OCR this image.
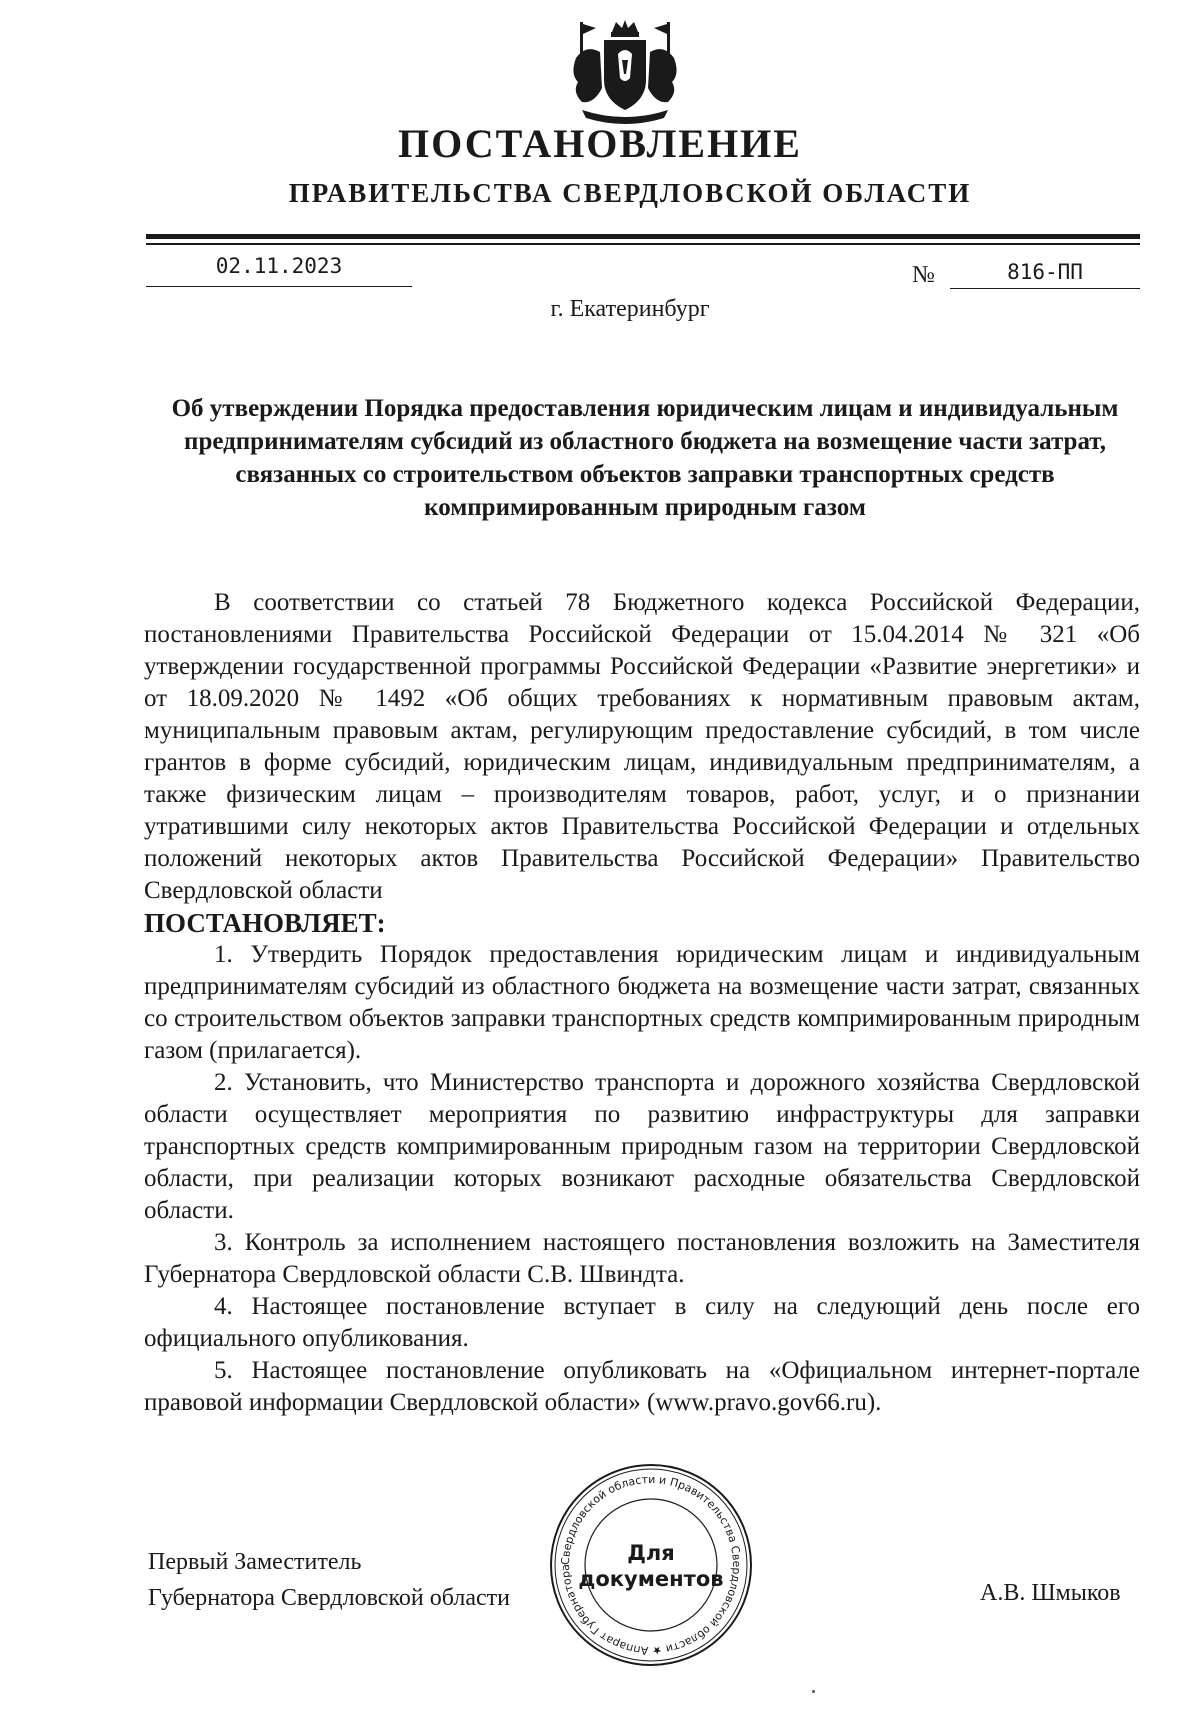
ПОСТАНОВЛЕНИЕ
ПРАВИТЕЛЬСТВА СВЕРДЛОВСКОЙ ОБЛАСТИ
02.11.2023	№	816-ПП
г. Екатеринбург
Об утверждении Порядка предоставления юридическим лицам и индивидуальным предпринимателям субсидий из областного бюджета на возмещение части затрат, связанных со строительством объектов заправки транспортных средств компримированным природным газом

В соответствии со статьей 78 Бюджетного кодекса Российской Федерации, постановлениями Правительства Российской Федерации от 15.04.2014 № 321 «Об утверждении государственной программы Российской Федерации «Развитие энергетики» и от 18.09.2020 № 1492 «Об общих требованиях к нормативным правовым актам, муниципальным правовым актам, регулирующим предоставление субсидий, в том числе грантов в форме субсидий, юридическим лицам, индивидуальным предпринимателям, а также физическим лицам – производителям товаров, работ, услуг, и о признании утратившими силу некоторых актов Правительства Российской Федерации и отдельных положений некоторых актов Правительства Российской Федерации» Правительство Свердловской области

ПОСТАНОВЛЯЕТ:

1. Утвердить Порядок предоставления юридическим лицам и индивидуальным предпринимателям субсидий из областного бюджета на возмещение части затрат, связанных со строительством объектов заправки транспортных средств компримированным природным газом (прилагается).

2. Установить, что Министерство транспорта и дорожного хозяйства Свердловской области осуществляет мероприятия по развитию инфраструктуры для заправки транспортных средств компримированным природным газом на территории Свердловской области, при реализации которых возникают расходные обязательства Свердловской области.

3. Контроль за исполнением настоящего постановления возложить на Заместителя Губернатора Свердловской области С.В. Швиндта.

4. Настоящее постановление вступает в силу на следующий день после его официального опубликования.

5. Настоящее постановление опубликовать на «Официальном интернет-портале правовой информации Свердловской области» (www.pravo.gov66.ru).

Первый Заместитель
Губернатора Свердловской области	А.В. Шмыков
Свердловской области и Правительства Свердловской области ★ Аппарат Губернатора
Для
документов
